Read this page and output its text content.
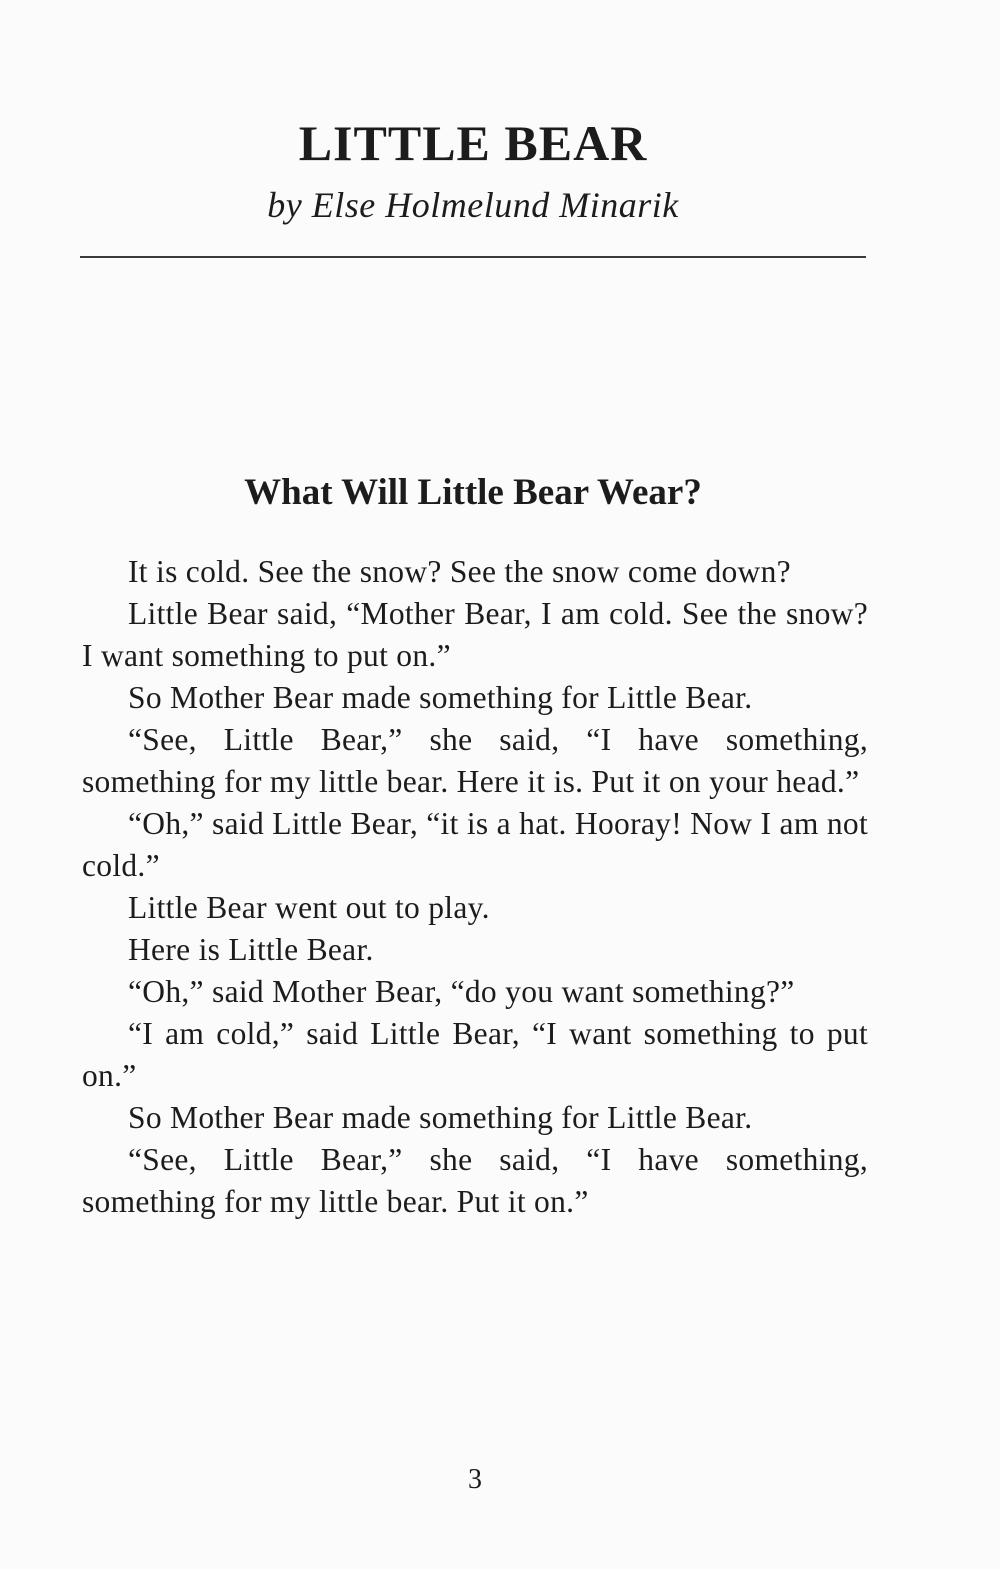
LITTLE BEAR
by Else Holmelund Minarik
What Will Little Bear Wear?

It is cold. See the snow? See the snow come down?

Little Bear said, “Mother Bear, I am cold. See the snow? I want something to put on.”

So Mother Bear made something for Little Bear.

“See, Little Bear,” she said, “I have something, something for my little bear. Here it is. Put it on your head.”

“Oh,” said Little Bear, “it is a hat. Hooray! Now I am not cold.”

Little Bear went out to play.

Here is Little Bear.

“Oh,” said Mother Bear, “do you want something?”

“I am cold,” said Little Bear, “I want something to put on.”

So Mother Bear made something for Little Bear.

“See, Little Bear,” she said, “I have something, something for my little bear. Put it on.”

3
